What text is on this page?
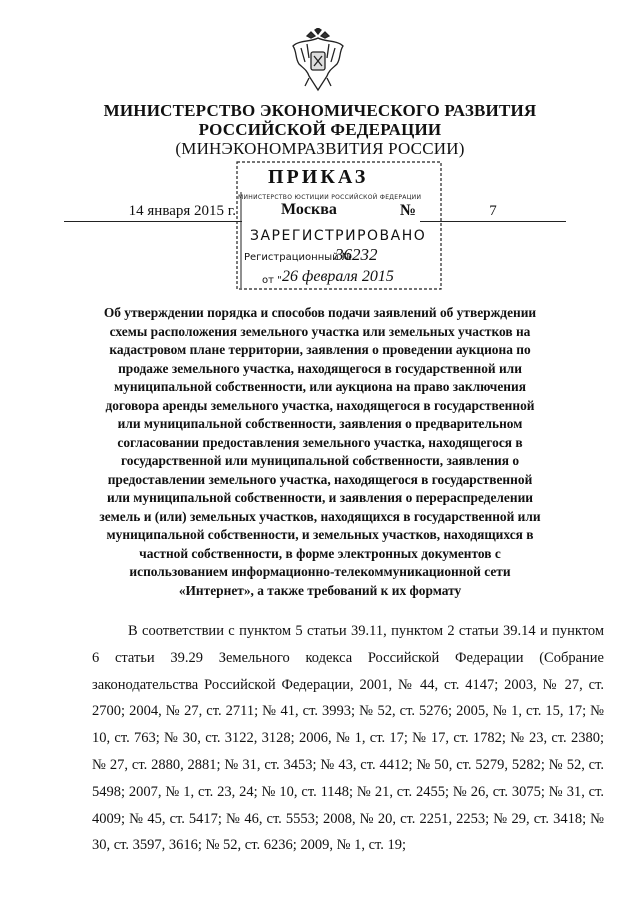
МИНИСТЕРСТВО ЭКОНОМИЧЕСКОГО РАЗВИТИЯ
РОССИЙСКОЙ ФЕДЕРАЦИИ
(МИНЭКОНОМРАЗВИТИЯ РОССИИ)
ПРИКАЗ
14 января 2015 г.	Москва	№	7
МИНИСТЕРСТВО ЮСТИЦИИ РОССИЙСКОЙ ФЕДЕРАЦИИ
ЗАРЕГИСТРИРОВАНО
Регистрационный №
36232
от " 26 февраля 2015
Об утверждении порядка и способов подачи заявлений об утверждении схемы расположения земельного участка или земельных участков на кадастровом плане территории, заявления о проведении аукциона по продаже земельного участка, находящегося в государственной или муниципальной собственности, или аукциона на право заключения договора аренды земельного участка, находящегося в государственной или муниципальной собственности, заявления о предварительном согласовании предоставления земельного участка, находящегося в государственной или муниципальной собственности, заявления о предоставлении земельного участка, находящегося в государственной или муниципальной собственности, и заявления о перераспределении земель и (или) земельных участков, находящихся в государственной или муниципальной собственности, и земельных участков, находящихся в частной собственности, в форме электронных документов с использованием информационно-телекоммуникационной сети «Интернет», а также требований к их формату
В соответствии с пунктом 5 статьи 39.11, пунктом 2 статьи 39.14 и пунктом 6 статьи 39.29 Земельного кодекса Российской Федерации (Собрание законодательства Российской Федерации, 2001, № 44, ст. 4147; 2003, № 27, ст. 2700; 2004, № 27, ст. 2711; № 41, ст. 3993; № 52, ст. 5276; 2005, № 1, ст. 15, 17; № 10, ст. 763; № 30, ст. 3122, 3128; 2006, № 1, ст. 17; № 17, ст. 1782; № 23, ст. 2380; № 27, ст. 2880, 2881; № 31, ст. 3453; № 43, ст. 4412; № 50, ст. 5279, 5282; № 52, ст. 5498; 2007, № 1, ст. 23, 24; № 10, ст. 1148; № 21, ст. 2455; № 26, ст. 3075; № 31, ст. 4009; № 45, ст. 5417; № 46, ст. 5553; 2008, № 20, ст. 2251, 2253; № 29, ст. 3418; № 30, ст. 3597, 3616; № 52, ст. 6236; 2009, № 1, ст. 19;
